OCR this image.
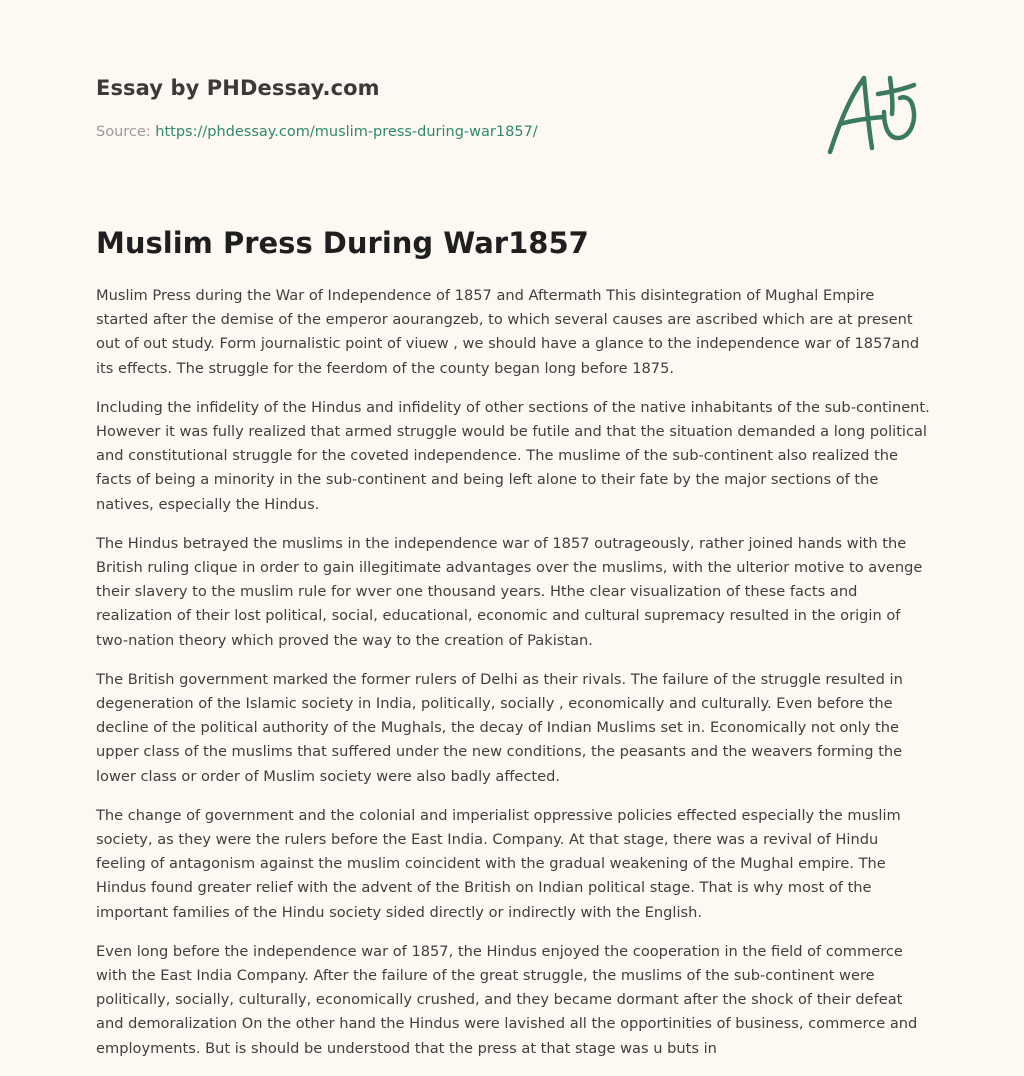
Essay by PHDessay.com
Source: https://phdessay.com/muslim-press-during-war1857/
Muslim Press During War1857

Muslim Press during the War of Independence of 1857 and Aftermath This disintegration of Mughal Empire started after the demise of the emperor aourangzeb, to which several causes are ascribed which are at present out of out study. Form journalistic point of viuew , we should have a glance to the independence war of 1857and its effects. The struggle for the feerdom of the county began long before 1875.

Including the infidelity of the Hindus and infidelity of other sections of the native inhabitants of the sub-continent. However it was fully realized that armed struggle would be futile and that the situation demanded a long political and constitutional struggle for the coveted independence. The muslime of the sub-continent also realized the facts of being a minority in the sub-continent and being left alone to their fate by the major sections of the natives, especially the Hindus.

The Hindus betrayed the muslims in the independence war of 1857 outrageously, rather joined hands with the British ruling clique in order to gain illegitimate advantages over the muslims, with the ulterior motive to avenge their slavery to the muslim rule for wver one thousand years. Hthe clear visualization of these facts and realization of their lost political, social, educational, economic and cultural supremacy resulted in the origin of two-nation theory which proved the way to the creation of Pakistan.

The British government marked the former rulers of Delhi as their rivals. The failure of the struggle resulted in degeneration of the Islamic society in India, politically, socially , economically and culturally. Even before the decline of the political authority of the Mughals, the decay of Indian Muslims set in. Economically not only the upper class of the muslims that suffered under the new conditions, the peasants and the weavers forming the lower class or order of Muslim society were also badly affected.

The change of government and the colonial and imperialist oppressive policies effected especially the muslim society, as they were the rulers before the East India. Company. At that stage, there was a revival of Hindu feeling of antagonism against the muslim coincident with the gradual weakening of the Mughal empire. The Hindus found greater relief with the advent of the British on Indian political stage. That is why most of the important families of the Hindu society sided directly or indirectly with the English.

Even long before the independence war of 1857, the Hindus enjoyed the cooperation in the field of commerce with the East India Company. After the failure of the great struggle, the muslims of the sub-continent were politically, socially, culturally, economically crushed, and they became dormant after the shock of their defeat and demoralization On the other hand the Hindus were lavished all the opportinities of business, commerce and employments. But is should be understood that the press at that stage was u buts in
